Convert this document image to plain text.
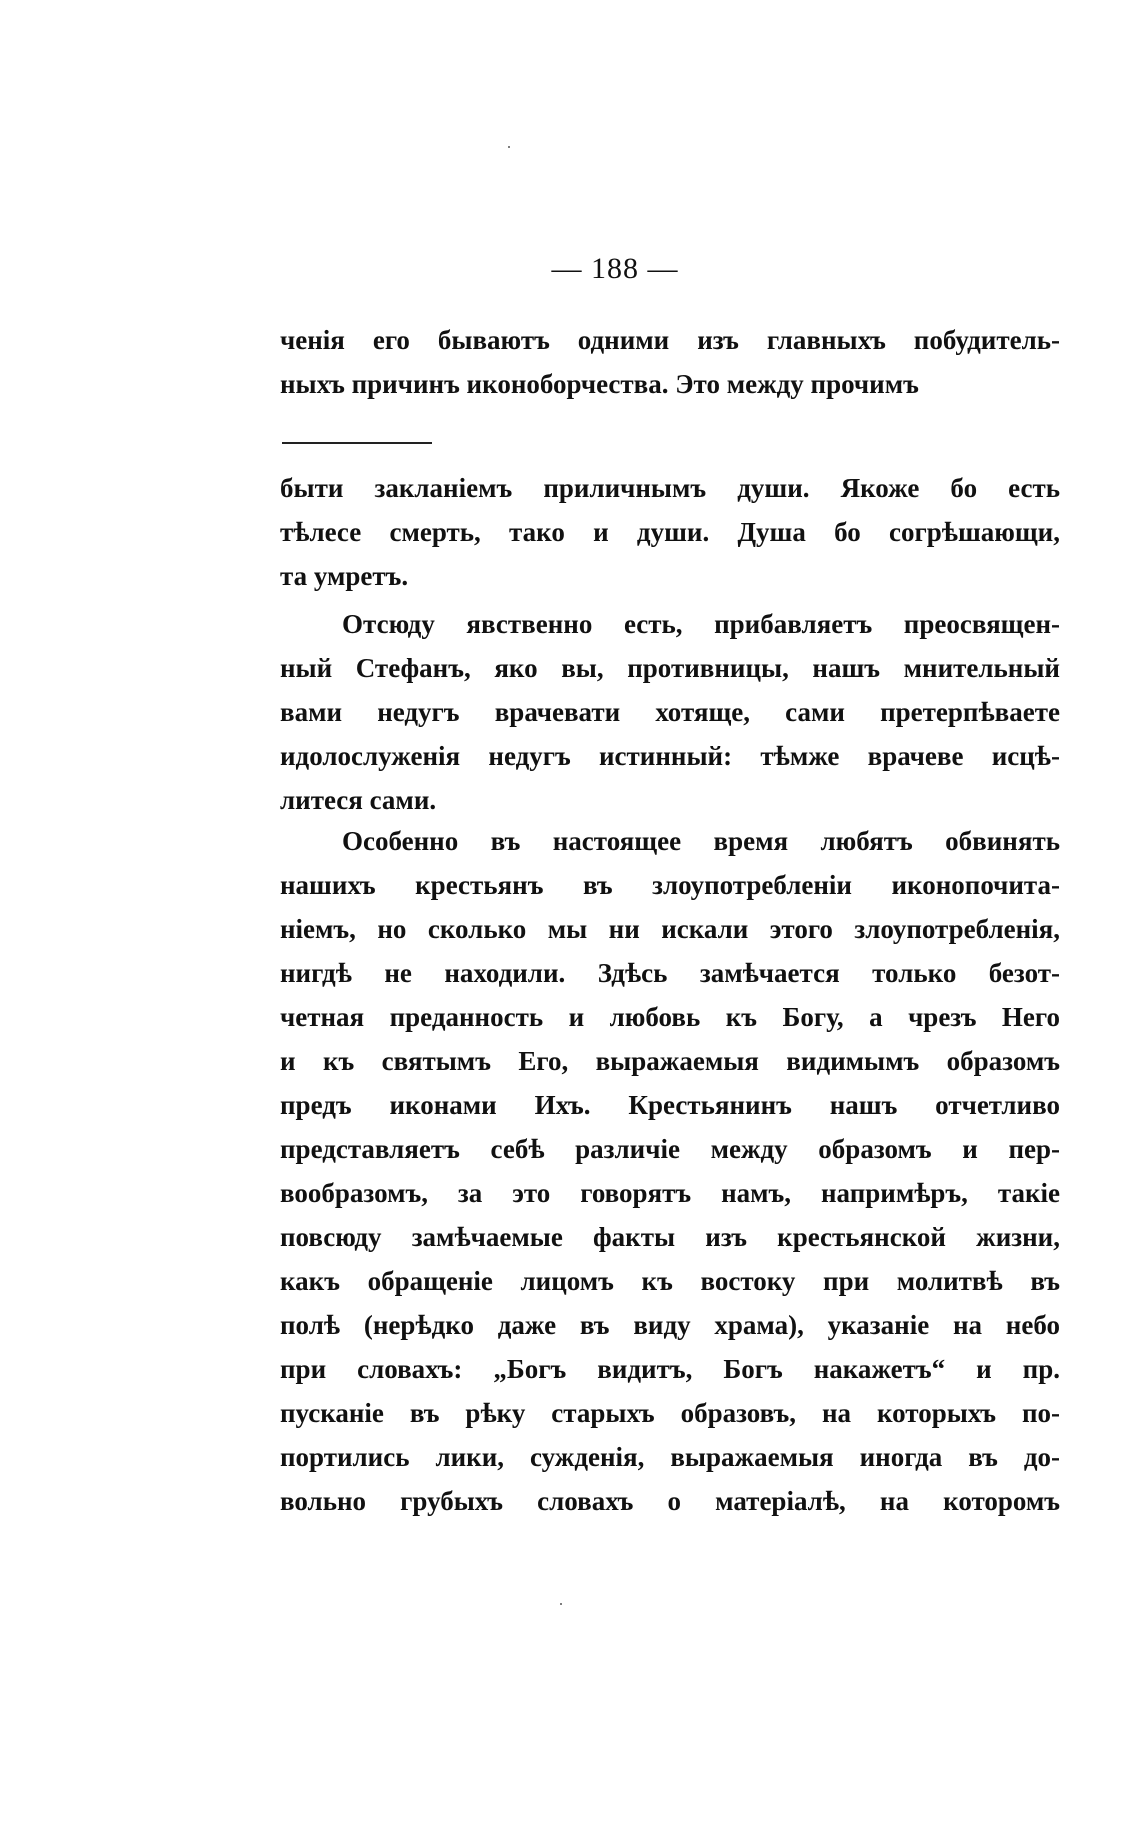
— 188 —
ченія его бываютъ одними изъ главныхъ побудитель-
ныхъ причинъ иконоборчества. Это между прочимъ
быти закланіемъ приличнымъ души. Якоже бо есть
тѣлесе смерть, тако и души. Душа бо согрѣшающи,
та умретъ.
Отсюду явственно есть, прибавляетъ преосвящен-
ный Стефанъ, яко вы, противницы, нашъ мнительный
вами недугъ врачевати хотяще, сами претерпѣваете
идолослуженія недугъ истинный: тѣмже врачеве исцѣ-
литеся сами.
Особенно въ настоящее время любятъ обвинять
нашихъ крестьянъ въ злоупотребленіи иконопочита-
ніемъ, но сколько мы ни искали этого злоупотребленія,
нигдѣ не находили. Здѣсь замѣчается только безот-
четная преданность и любовь къ Богу, а чрезъ Него
и къ святымъ Его, выражаемыя видимымъ образомъ
предъ иконами Ихъ. Крестьянинъ нашъ отчетливо
представляетъ себѣ различіе между образомъ и пер-
вообразомъ, за это говорятъ намъ, напримѣръ, такіе
повсюду замѣчаемые факты изъ крестьянской жизни,
какъ обращеніе лицомъ къ востоку при молитвѣ въ
полѣ (нерѣдко даже въ виду храма), указаніе на небо
при словахъ: „Богъ видитъ, Богъ накажетъ“ и пр.
пусканіе въ рѣку старыхъ образовъ, на которыхъ по-
портились лики, сужденія, выражаемыя иногда въ до-
вольно грубыхъ словахъ о матеріалѣ, на которомъ
